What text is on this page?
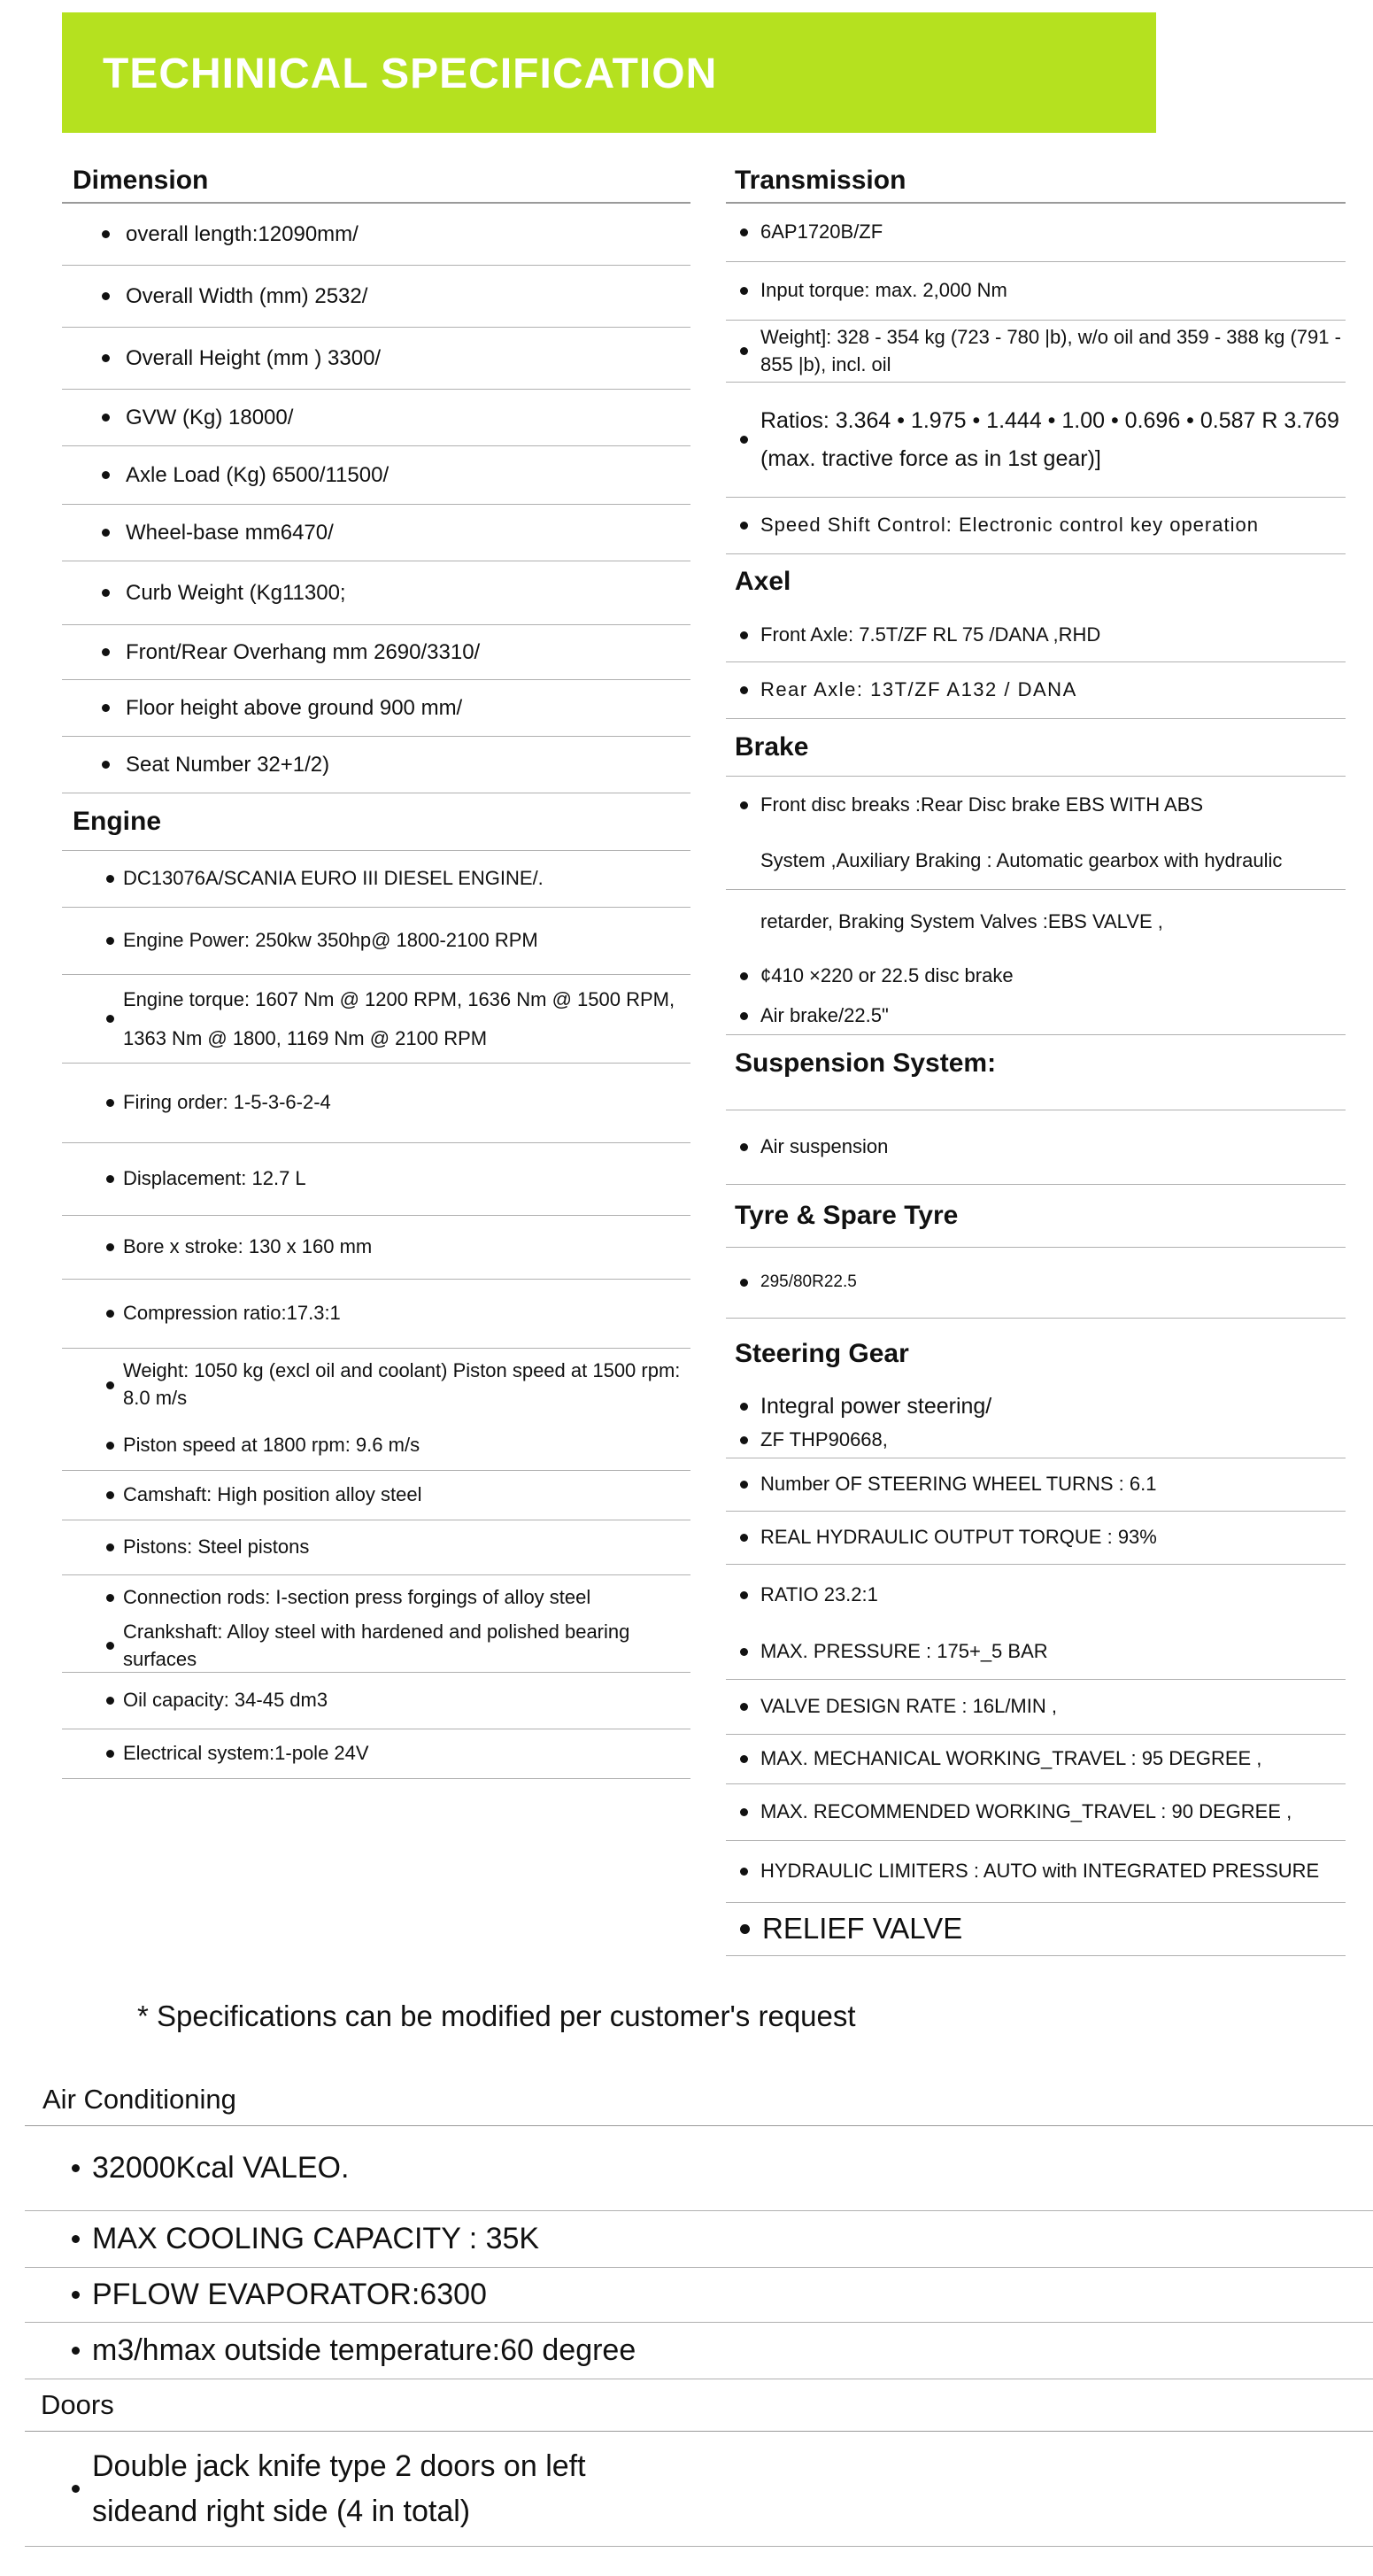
TECHINICAL SPECIFICATION
Dimension
overall length:12090mm/
Overall Width (mm) 2532/
Overall Height (mm ) 3300/
GVW (Kg) 18000/
Axle Load (Kg) 6500/11500/
Wheel-base mm6470/
Curb Weight (Kg11300;
Front/Rear Overhang mm 2690/3310/
Floor height above ground 900 mm/
Seat Number 32+1/2)
Engine
DC13076A/SCANIA EURO III DIESEL ENGINE/.
Engine Power: 250kw 350hp@ 1800-2100 RPM
Engine torque: 1607 Nm @ 1200 RPM, 1636 Nm @ 1500 RPM, 1363 Nm @ 1800, 1169 Nm @ 2100 RPM
Firing order: 1-5-3-6-2-4
Displacement: 12.7 L
Bore x stroke: 130 x 160 mm
Compression ratio:17.3:1
Weight: 1050 kg (excl oil and coolant) Piston speed at 1500 rpm: 8.0 m/s
Piston speed at 1800 rpm: 9.6 m/s
Camshaft: High position alloy steel
Pistons: Steel pistons
Connection rods: I-section press forgings of alloy steel
Crankshaft: Alloy steel with hardened and polished bearing surfaces
Oil capacity: 34-45 dm3
Electrical system:1-pole 24V
Transmission
6AP1720B/ZF
Input torque: max. 2,000 Nm
Weight]: 328 - 354 kg (723 - 780 |b), w/o oil and 359 - 388 kg (791 - 855 |b), incl. oil
Ratios: 3.364 • 1.975 • 1.444 • 1.00 • 0.696 • 0.587 R 3.769 (max. tractive force as in 1st gear)]
Speed Shift Control: Electronic control key operation
Axel
Front Axle: 7.5T/ZF RL 75 /DANA ,RHD
Rear Axle: 13T/ZF A132 / DANA
Brake
Front disc breaks :Rear Disc brake EBS WITH ABS
System ,Auxiliary Braking : Automatic gearbox with hydraulic
retarder, Braking System Valves :EBS VALVE ,
¢410 ×220 or 22.5 disc brake
Air brake/22.5"
Suspension System:
Air suspension
Tyre & Spare Tyre
295/80R22.5
Steering Gear
Integral power steering/
ZF THP90668,
Number OF STEERING WHEEL TURNS : 6.1
REAL HYDRAULIC OUTPUT TORQUE : 93%
RATIO 23.2:1
MAX. PRESSURE : 175+_5 BAR
VALVE DESIGN RATE : 16L/MIN ,
MAX. MECHANICAL WORKING_TRAVEL : 95 DEGREE ,
MAX. RECOMMENDED WORKING_TRAVEL : 90 DEGREE ,
HYDRAULIC LIMITERS : AUTO with INTEGRATED PRESSURE
RELIEF VALVE
* Specifications can be modified per customer's request
Air Conditioning
32000Kcal VALEO.
MAX COOLING CAPACITY : 35K
PFLOW EVAPORATOR:6300
m3/hmax outside temperature:60 degree
Doors
Double jack knife type 2 doors on left sideand right side (4 in total)
